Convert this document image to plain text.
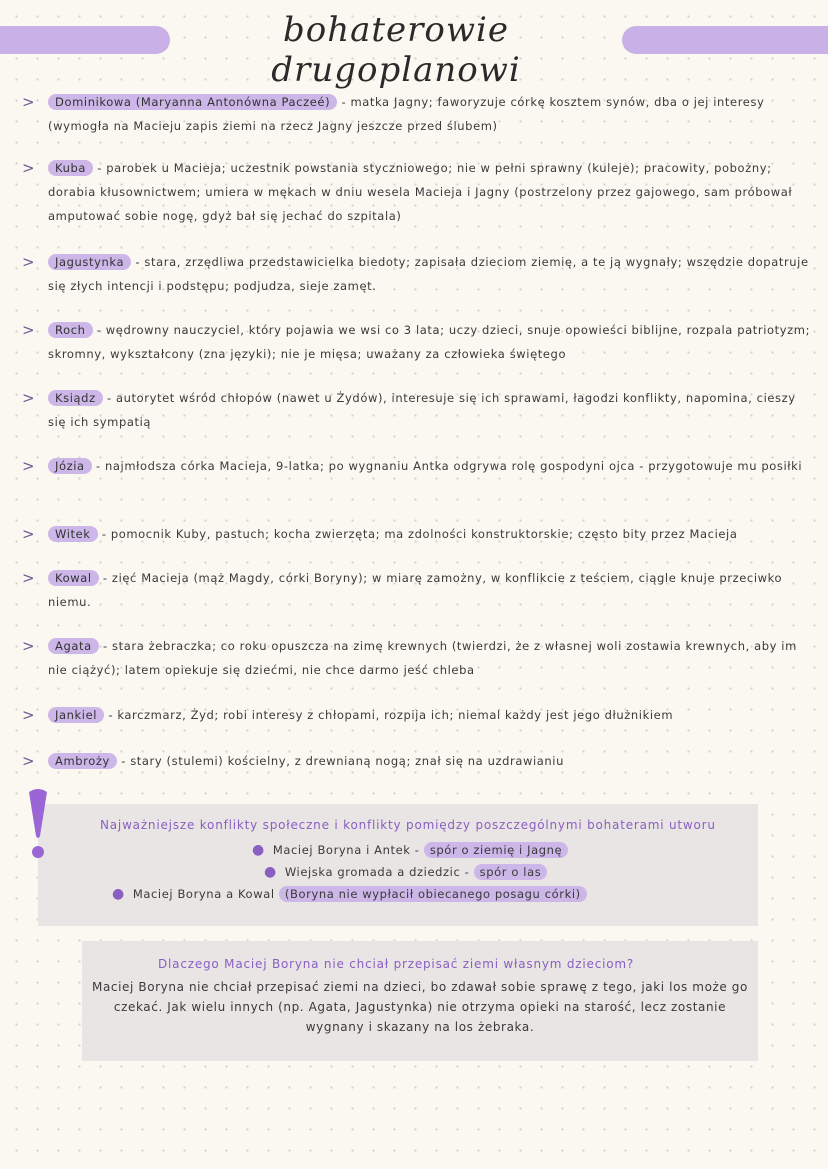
bohaterowie drugoplanowi
>	Dominikowa (Maryanna Antonówna Paczeé) - matka Jagny; faworyzuje córkę kosztem synów, dba o jej interesy (wymogła na Macieju zapis ziemi na rzecz Jagny jeszcze przed ślubem)
>	Kuba - parobek u Macieja; uczestnik powstania styczniowego; nie w pełni sprawny (kuleje); pracowity, pobożny; dorabia kłusownictwem; umiera w mękach w dniu wesela Macieja i Jagny (postrzelony przez gajowego, sam próbował amputować sobie nogę, gdyż bał się jechać do szpitala)
>	Jagustynka - stara, zrzędliwa przedstawicielka biedoty; zapisała dzieciom ziemię, a te ją wygnały; wszędzie dopatruje się złych intencji i podstępu; podjudza, sieje zamęt.
>	Roch - wędrowny nauczyciel, który pojawia we wsi co 3 lata; uczy dzieci, snuje opowieści biblijne, rozpala patriotyzm; skromny, wykształcony (zna języki); nie je mięsa; uważany za człowieka świętego
>	Ksiądz - autorytet wśród chłopów (nawet u Żydów), interesuje się ich sprawami, łagodzi konflikty, napomina, cieszy się ich sympatią
>	Józia - najmłodsza córka Macieja, 9-latka; po wygnaniu Antka odgrywa rolę gospodyni ojca - przygotowuje mu posiłki
>	Witek - pomocnik Kuby, pastuch; kocha zwierzęta; ma zdolności konstruktorskie; często bity przez Macieja
>	Kowal - zięć Macieja (mąż Magdy, córki Boryny); w miarę zamożny, w konflikcie z teściem, ciągle knuje przeciwko niemu.
>	Agata - stara żebraczka; co roku opuszcza na zimę krewnych (twierdzi, że z własnej woli zostawia krewnych, aby im nie ciążyć); latem opiekuje się dziećmi, nie chce darmo jeść chleba
>	Jankiel - karczmarz, Żyd; robi interesy z chłopami, rozpija ich; niemal każdy jest jego dłużnikiem
>	Ambroży - stary (stulemi) kościelny, z drewnianą nogą; znał się na uzdrawianiu
Najważniejsze konflikty społeczne i konflikty pomiędzy poszczególnymi bohaterami utworu
● Maciej Boryna i Antek - spór o ziemię i Jagnę
● Wiejska gromada a dziedzic - spór o las
● Maciej Boryna a Kowal (Boryna nie wypłacił obiecanego posagu córki)
Dlaczego Maciej Boryna nie chciał przepisać ziemi własnym dzieciom?
Maciej Boryna nie chciał przepisać ziemi na dzieci, bo zdawał sobie sprawę z tego, jaki los może go czekać. Jak wielu innych (np. Agata, Jagustynka) nie otrzyma opieki na starość, lecz zostanie wygnany i skazany na los żebraka.
